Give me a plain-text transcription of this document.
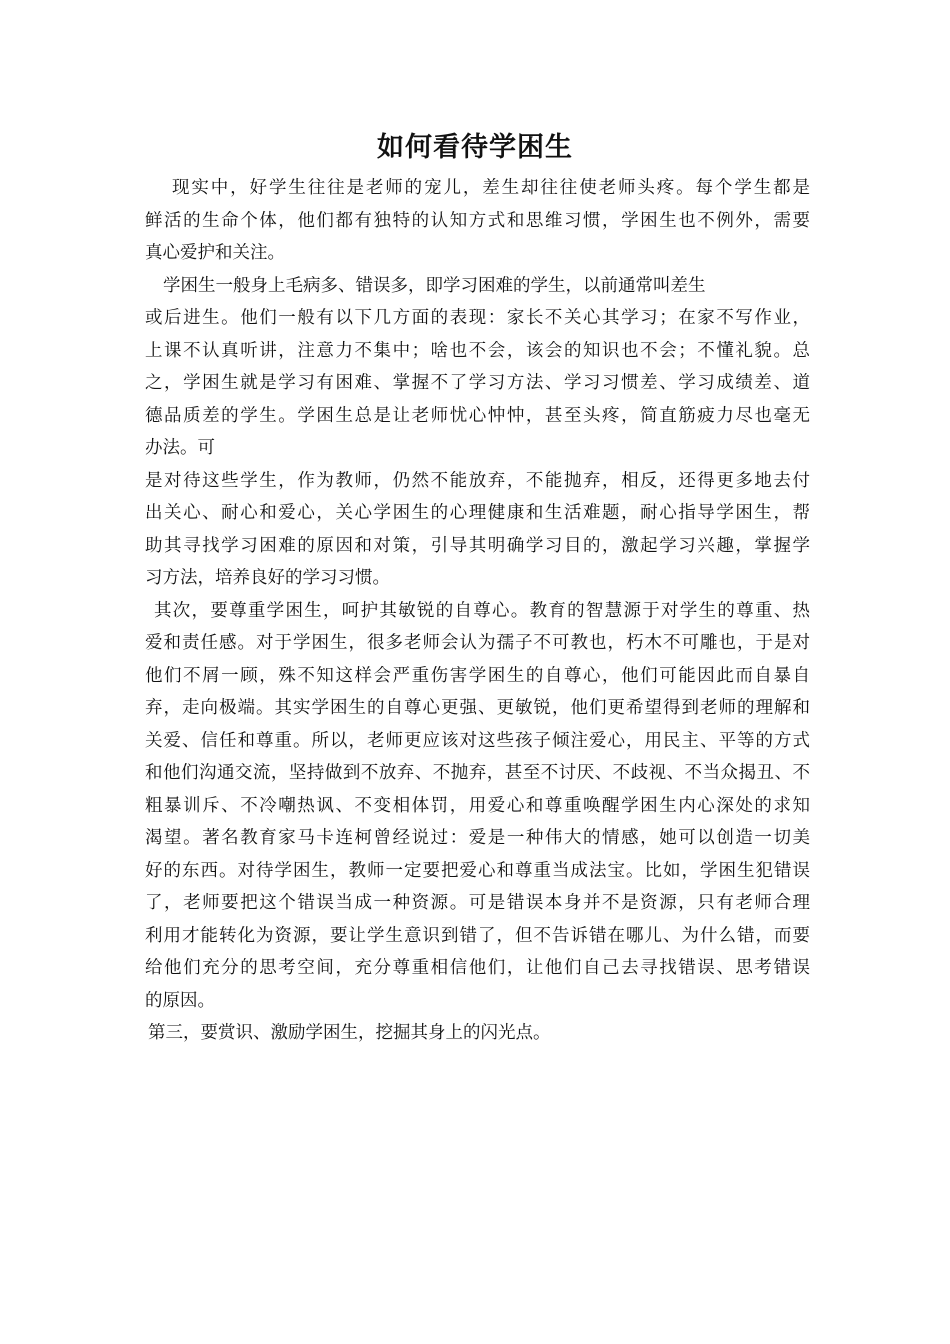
如何看待学困生
现实中，好学生往往是老师的宠儿，差生却往往使老师头疼。每个学生都是
鲜活的生命个体，他们都有独特的认知方式和思维习惯，学困生也不例外，需要
真心爱护和关注。
学困生一般身上毛病多、错误多，即学习困难的学生，以前通常叫差生
或后进生。他们一般有以下几方面的表现：家长不关心其学习；在家不写作业，
上课不认真听讲，注意力不集中；啥也不会，该会的知识也不会；不懂礼貌。总
之，学困生就是学习有困难、掌握不了学习方法、学习习惯差、学习成绩差、道
德品质差的学生。学困生总是让老师忧心忡忡，甚至头疼，简直筋疲力尽也毫无
办法。可
是对待这些学生，作为教师，仍然不能放弃，不能抛弃，相反，还得更多地去付
出关心、耐心和爱心，关心学困生的心理健康和生活难题，耐心指导学困生，帮
助其寻找学习困难的原因和对策，引导其明确学习目的，激起学习兴趣，掌握学
习方法，培养良好的学习习惯。
其次，要尊重学困生，呵护其敏锐的自尊心。教育的智慧源于对学生的尊重、热
爱和责任感。对于学困生，很多老师会认为孺子不可教也，朽木不可雕也，于是对
他们不屑一顾，殊不知这样会严重伤害学困生的自尊心，他们可能因此而自暴自
弃，走向极端。其实学困生的自尊心更强、更敏锐，他们更希望得到老师的理解和
关爱、信任和尊重。所以，老师更应该对这些孩子倾注爱心，用民主、平等的方式
和他们沟通交流，坚持做到不放弃、不抛弃，甚至不讨厌、不歧视、不当众揭丑、不
粗暴训斥、不冷嘲热讽、不变相体罚，用爱心和尊重唤醒学困生内心深处的求知
渴望。著名教育家马卡连柯曾经说过：爱是一种伟大的情感，她可以创造一切美
好的东西。对待学困生，教师一定要把爱心和尊重当成法宝。比如，学困生犯错误
了，老师要把这个错误当成一种资源。可是错误本身并不是资源，只有老师合理
利用才能转化为资源，要让学生意识到错了，但不告诉错在哪儿、为什么错，而要
给他们充分的思考空间，充分尊重相信他们，让他们自己去寻找错误、思考错误
的原因。
第三，要赏识、激励学困生，挖掘其身上的闪光点。
